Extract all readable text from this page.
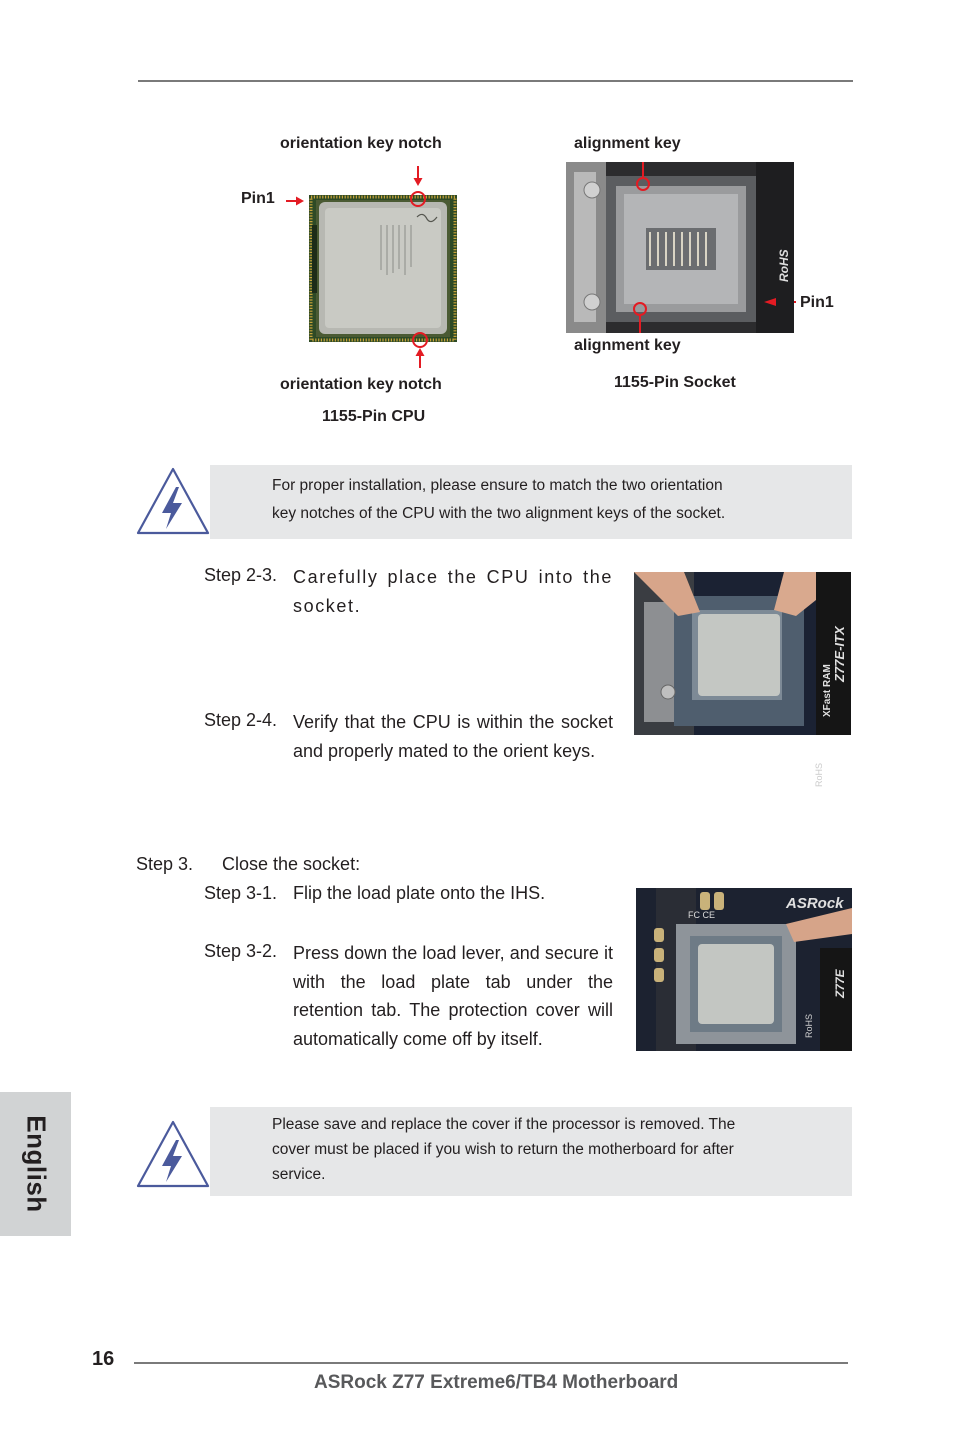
orientation key notch
Pin1
orientation key notch
1155-Pin CPU
alignment key
Pin1
alignment key
1155-Pin Socket
RoHS
For proper installation, please ensure to match the two orientation
key notches of the CPU with the two alignment keys of the socket.
Step 2-3. Carefully place the CPU into the socket.
Step 2-4. Verify that the CPU is within the socket and properly mated to the orient keys.
Step 3. Close the socket:
Step 3-1. Flip the load plate onto the IHS.
Step 3-2. Press down the load lever, and secure it with the load plate tab under the retention tab. The protection cover will automatically come off by itself.
Z77E-ITX
XFast RAM
RoHS
ASRock
FC CE
Z77E
RoHS
Please save and replace the cover if the processor is removed. The
cover must be placed if you wish to return the motherboard for after
service.
English
16
ASRock Z77 Extreme6/TB4 Motherboard
